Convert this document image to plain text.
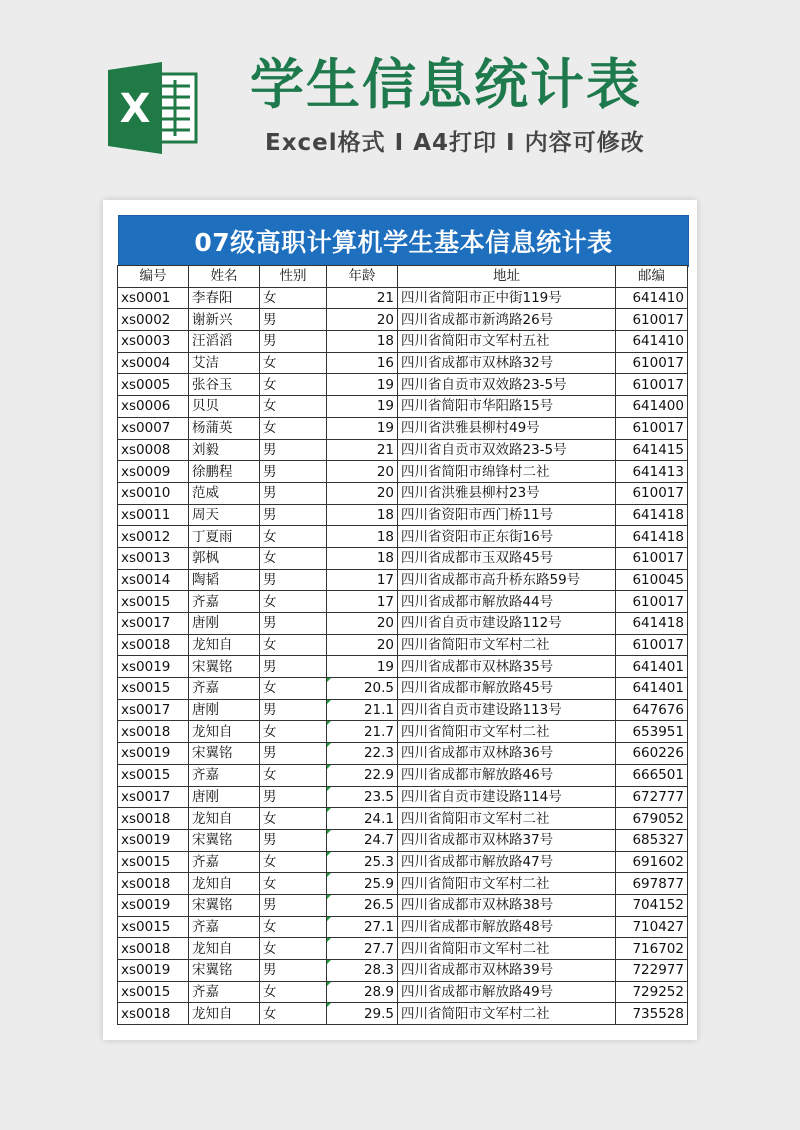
X 学生信息统计表
Excel格式 I A4打印 I 内容可修改
07级高职计算机学生基本信息统计表
编号	姓名	性别	年龄	地址	邮编
xs0001	李春阳	女	21	四川省简阳市正中街119号	641410
xs0002	谢新兴	男	20	四川省成都市新鸿路26号	610017
xs0003	汪滔滔	男	18	四川省简阳市文军村五社	641410
xs0004	艾洁	女	16	四川省成都市双林路32号	610017
xs0005	张谷玉	女	19	四川省自贡市双效路23-5号	610017
xs0006	贝贝	女	19	四川省简阳市华阳路15号	641400
xs0007	杨蒲英	女	19	四川省洪雅县柳村49号	610017
xs0008	刘毅	男	21	四川省自贡市双效路23-5号	641415
xs0009	徐鹏程	男	20	四川省简阳市绵锋村二社	641413
xs0010	范威	男	20	四川省洪雅县柳村23号	610017
xs0011	周天	男	18	四川省资阳市西门桥11号	641418
xs0012	丁夏雨	女	18	四川省资阳市正东街16号	641418
xs0013	郭枫	女	18	四川省成都市玉双路45号	610017
xs0014	陶韬	男	17	四川省成都市高升桥东路59号	610045
xs0015	齐嘉	女	17	四川省成都市解放路44号	610017
xs0017	唐刚	男	20	四川省自贡市建设路112号	641418
xs0018	龙知自	女	20	四川省简阳市文军村二社	610017
xs0019	宋翼铭	男	19	四川省成都市双林路35号	641401
xs0015	齐嘉	女	20.5	四川省成都市解放路45号	641401
xs0017	唐刚	男	21.1	四川省自贡市建设路113号	647676
xs0018	龙知自	女	21.7	四川省简阳市文军村二社	653951
xs0019	宋翼铭	男	22.3	四川省成都市双林路36号	660226
xs0015	齐嘉	女	22.9	四川省成都市解放路46号	666501
xs0017	唐刚	男	23.5	四川省自贡市建设路114号	672777
xs0018	龙知自	女	24.1	四川省简阳市文军村二社	679052
xs0019	宋翼铭	男	24.7	四川省成都市双林路37号	685327
xs0015	齐嘉	女	25.3	四川省成都市解放路47号	691602
xs0018	龙知自	女	25.9	四川省简阳市文军村二社	697877
xs0019	宋翼铭	男	26.5	四川省成都市双林路38号	704152
xs0015	齐嘉	女	27.1	四川省成都市解放路48号	710427
xs0018	龙知自	女	27.7	四川省简阳市文军村二社	716702
xs0019	宋翼铭	男	28.3	四川省成都市双林路39号	722977
xs0015	齐嘉	女	28.9	四川省成都市解放路49号	729252
xs0018	龙知自	女	29.5	四川省简阳市文军村二社	735528
